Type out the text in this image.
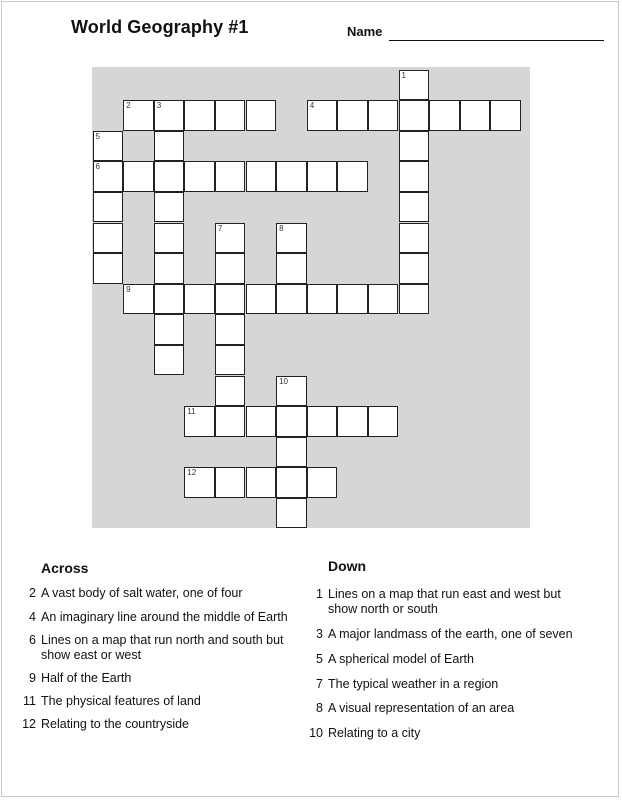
World Geography #1	Name
1
2	3	4
5
6
7	8
9
10
11
12
Across
2 A vast body of salt water, one of four
4 An imaginary line around the middle of Earth
6 Lines on a map that run north and south but
show east or west
9 Half of the Earth
11 The physical features of land
12 Relating to the countryside
Down
1 Lines on a map that run east and west but
show north or south
3 A major landmass of the earth, one of seven
5 A spherical model of Earth
7 The typical weather in a region
8 A visual representation of an area
10 Relating to a city
